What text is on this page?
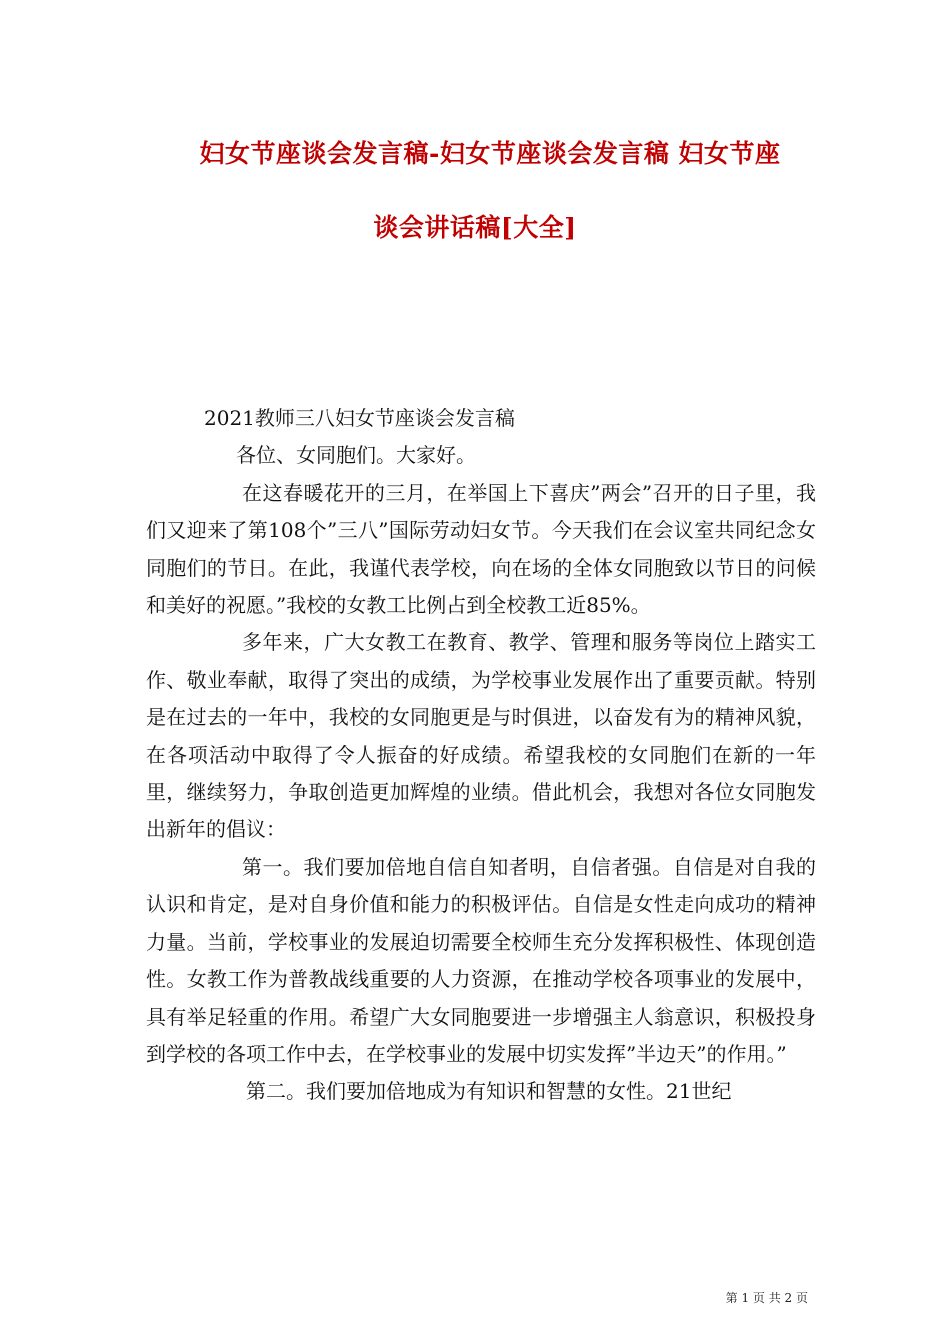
妇女节座谈会发言稿-妇女节座谈会发言稿 妇女节座
谈会讲话稿[大全]

2021教师三八妇女节座谈会发言稿

各位、女同胞们。大家好。

在这春暖花开的三月，在举国上下喜庆”两会”召开的日子里，我们又迎来了第108个”三八”国际劳动妇女节。今天我们在会议室共同纪念女同胞们的节日。在此，我谨代表学校，向在场的全体女同胞致以节日的问候和美好的祝愿。”我校的女教工比例占到全校教工近85%。

多年来，广大女教工在教育、教学、管理和服务等岗位上踏实工作、敬业奉献，取得了突出的成绩，为学校事业发展作出了重要贡献。特别是在过去的一年中，我校的女同胞更是与时俱进，以奋发有为的精神风貌，在各项活动中取得了令人振奋的好成绩。希望我校的女同胞们在新的一年里，继续努力，争取创造更加辉煌的业绩。借此机会，我想对各位女同胞发出新年的倡议：

第一。我们要加倍地自信自知者明，自信者强。自信是对自我的认识和肯定，是对自身价值和能力的积极评估。自信是女性走向成功的精神力量。当前，学校事业的发展迫切需要全校师生充分发挥积极性、体现创造性。女教工作为普教战线重要的人力资源，在推动学校各项事业的发展中，具有举足轻重的作用。希望广大女同胞要进一步增强主人翁意识，积极投身到学校的各项工作中去，在学校事业的发展中切实发挥”半边天”的作用。”

第二。我们要加倍地成为有知识和智慧的女性。21世纪

第 1 页 共 2 页
